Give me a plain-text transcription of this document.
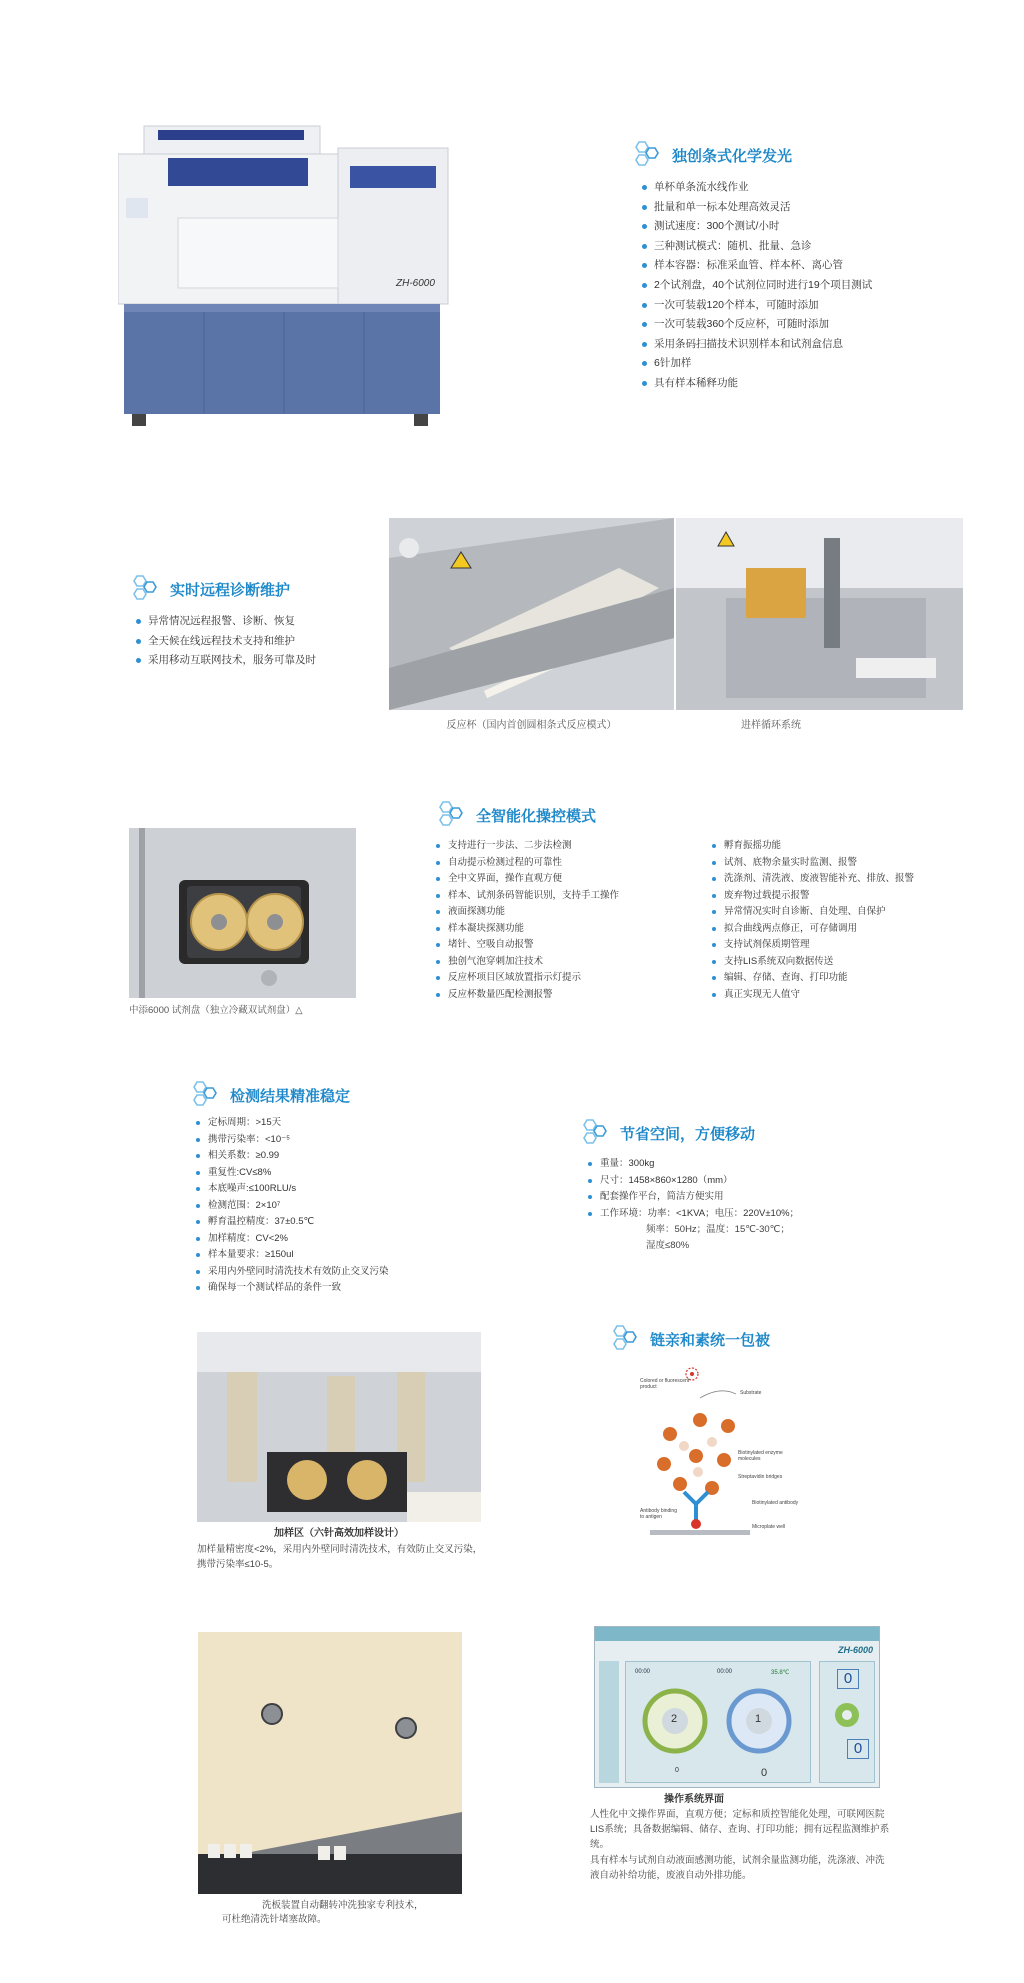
ZH-6000
独创条式化学发光
单杯单条流水线作业
批量和单一标本处理高效灵活
测试速度：300个测试/小时
三种测试模式：随机、批量、急诊
样本容器：标准采血管、样本杯、离心管
2个试剂盘，40个试剂位同时进行19个项目测试
一次可装载120个样本，可随时添加
一次可装载360个反应杯，可随时添加
采用条码扫描技术识别样本和试剂盒信息
6针加样
具有样本稀释功能
实时远程诊断维护
异常情况远程报警、诊断、恢复
全天候在线远程技术支持和维护
采用移动互联网技术，服务可靠及时
反应杯（国内首创圆相条式反应模式）	进样循环系统
全智能化操控模式
中添6000 试剂盘（独立冷藏双试剂盘）△
支持进行一步法、二步法检测
自动提示检测过程的可靠性
全中文界面，操作直观方便
样本、试剂条码智能识别，支持手工操作
液面探测功能
样本凝块探测功能
堵针、空吸自动报警
独创气泡穿刺加注技术
反应杯项目区域放置指示灯提示
反应杯数量匹配检测报警
孵育振摇功能
试剂、底物余量实时监测、报警
洗涤剂、清洗液、废液智能补充、排放、报警
废弃物过载提示报警
异常情况实时自诊断、自处理、自保护
拟合曲线两点修正，可存储调用
支持试剂保质期管理
支持LIS系统双向数据传送
编辑、存储、查询、打印功能
真正实现无人值守
检测结果精准稳定
定标周期：>15天
携带污染率：<10⁻⁵
相关系数：≥0.99
重复性:CV≤8%
本底噪声:≤100RLU/s
检测范围：2×10⁷
孵育温控精度：37±0.5℃
加样精度：CV<2%
样本量要求：≥150ul
采用内外壁同时清洗技术有效防止交叉污染
确保每一个测试样品的条件一致
节省空间，方便移动
重量：300kg
尺寸：1458×860×1280（mm）
配套操作平台，简洁方便实用
工作环境：功率：<1KVA；电压：220V±10%；
频率：50Hz；温度：15℃-30℃；
湿度≤80%
加样区（六针高效加样设计）
加样量精密度<2%，采用内外壁同时清洗技术，有效防止交叉污染，携带污染率≤10-5。
链亲和素统一包被
Colored or fluorescent product
Substrate
Biotinylated enzyme molecules
Streptavidin bridges
Biotinylated antibody
Antibody binding to antigen
Microplate well
洗板装置自动翻转冲洗独家专利技术，
可杜绝清洗针堵塞故障。
ZH-6000
00:00	00:00	35.8℃
2	1
0
0
0
0
操作系统界面
人性化中文操作界面，直观方便；定标和质控智能化处理，可联网医院LIS系统；具备数据编辑、储存、查询、打印功能；拥有远程监测维护系统。
具有样本与试剂自动液面感测功能，试剂余量监测功能，洗涤液、冲洗液自动补给功能，废液自动外排功能。
